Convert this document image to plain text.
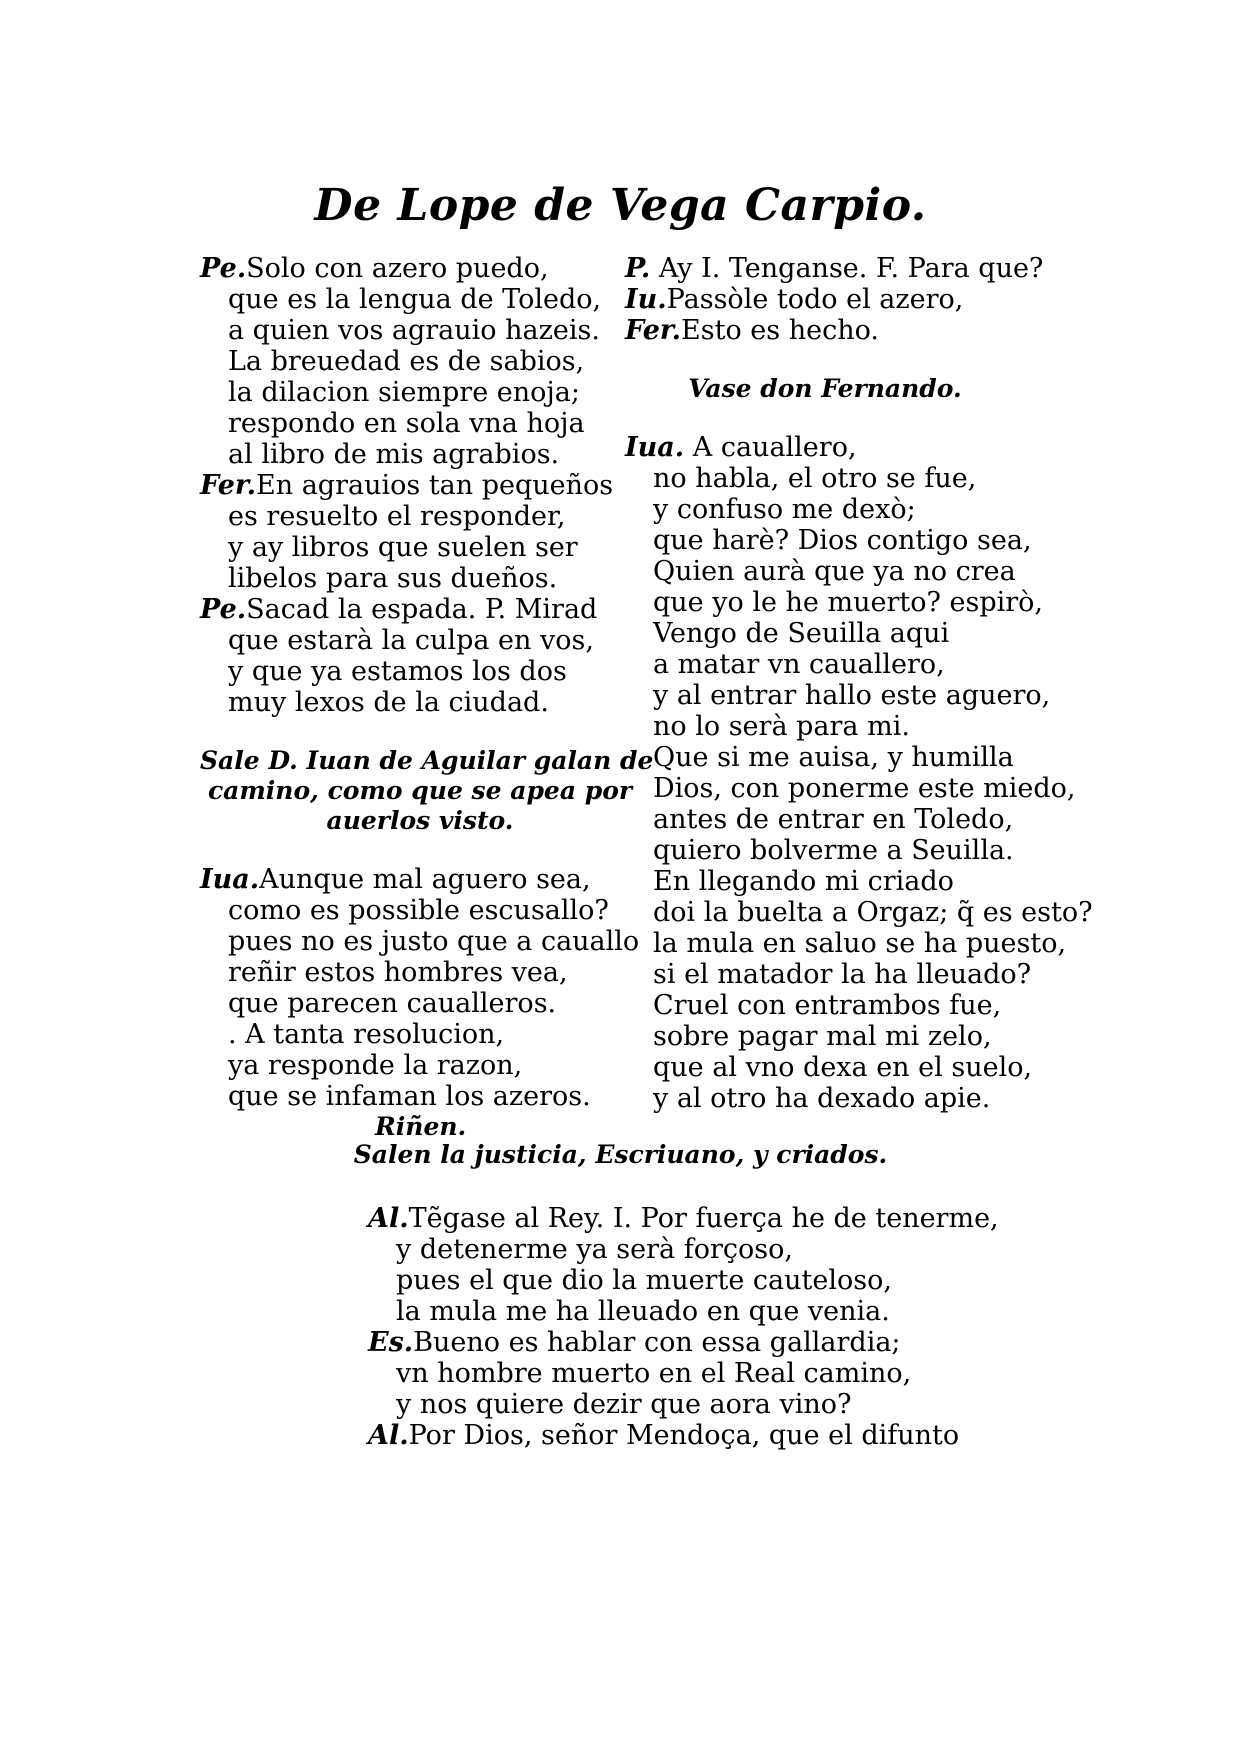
De Lope de Vega Carpio.
Pe.Solo con azero puedo,
que es la lengua de Toledo,
a quien vos agrauio hazeis.
La breuedad es de sabios,
la dilacion siempre enoja;
respondo en sola vna hoja
al libro de mis agrabios.
Fer.En agrauios tan pequeños
es resuelto el responder,
y ay libros que suelen ser
libelos para sus dueños.
Pe.Sacad la espada. P. Mirad
que estarà la culpa en vos,
y que ya estamos los dos
muy lexos de la ciudad.
Sale D. Iuan de Aguilar galan de
camino, como que se apea por
auerlos visto.
Iua.Aunque mal aguero sea,
como es possible escusallo?
pues no es justo que a cauallo
reñir estos hombres vea,
que parecen caualleros.
. A tanta resolucion,
ya responde la razon,
que se infaman los azeros.
Riñen.
P. Ay I. Tenganse. F. Para que?
Iu.Passòle todo el azero,
Fer.Esto es hecho.
Vase don Fernando.
Iua. A cauallero,
no habla, el otro se fue,
y confuso me dexò;
que harè? Dios contigo sea,
Quien aurà que ya no crea
que yo le he muerto? espirò,
Vengo de Seuilla aqui
a matar vn cauallero,
y al entrar hallo este aguero,
no lo serà para mi.
Que si me auisa, y humilla
Dios, con ponerme este miedo,
antes de entrar en Toledo,
quiero bolverme a Seuilla.
En llegando mi criado
doi la buelta a Orgaz; q̃ es esto?
la mula en saluo se ha puesto,
si el matador la ha lleuado?
Cruel con entrambos fue,
sobre pagar mal mi zelo,
que al vno dexa en el suelo,
y al otro ha dexado apie.
Salen la justicia, Escriuano, y criados.
Al.Tẽgase al Rey. I. Por fuerça he de tenerme,
y detenerme ya serà forçoso,
pues el que dio la muerte cauteloso,
la mula me ha lleuado en que venia.
Es.Bueno es hablar con essa gallardia;
vn hombre muerto en el Real camino,
y nos quiere dezir que aora vino?
Al.Por Dios, señor Mendoça, que el difunto
